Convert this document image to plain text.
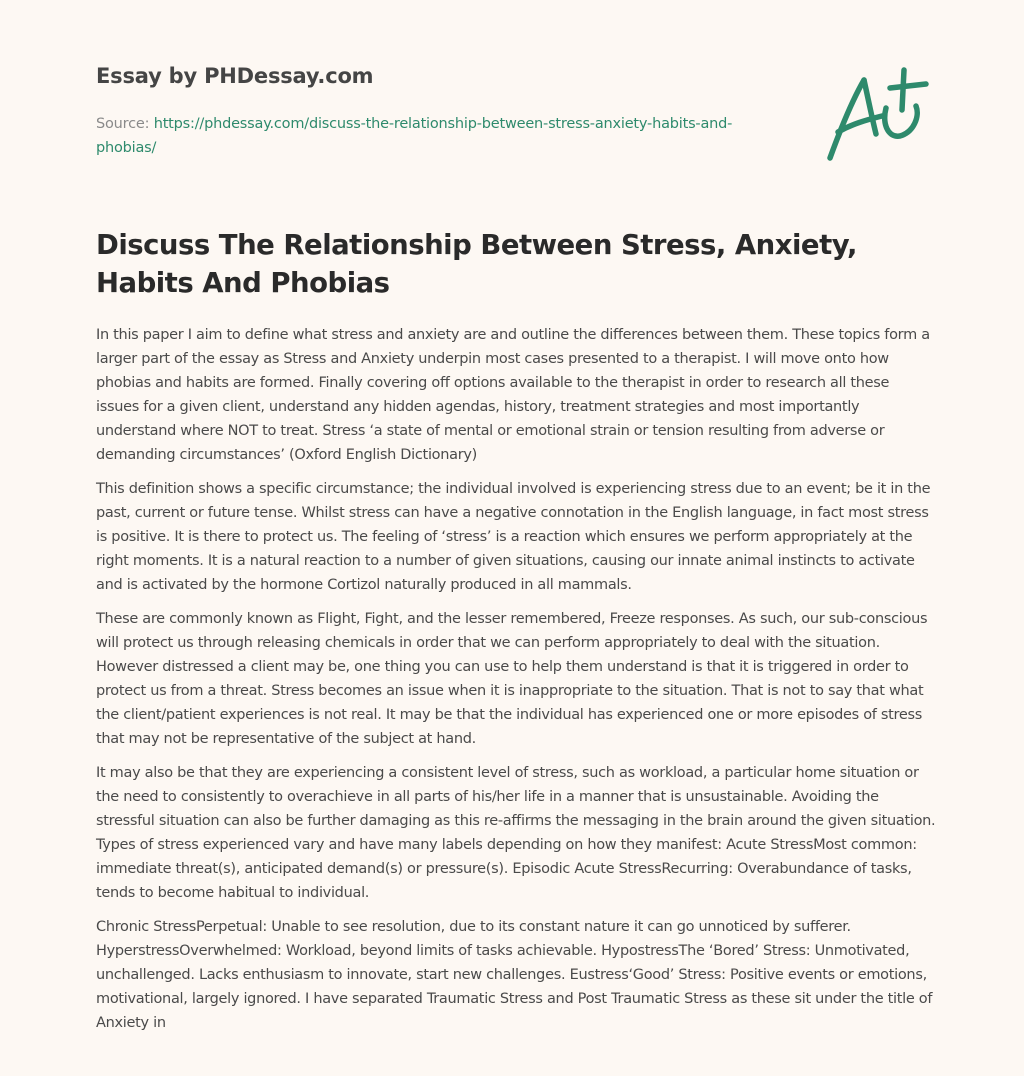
Essay by PHDessay.com
Source: https://phdessay.com/discuss-the-relationship-between-stress-anxiety-habits-and-phobias/
Discuss The Relationship Between Stress, Anxiety, Habits And Phobias

In this paper I aim to define what stress and anxiety are and outline the differences between them. These topics form a larger part of the essay as Stress and Anxiety underpin most cases presented to a therapist. I will move onto how phobias and habits are formed. Finally covering off options available to the therapist in order to research all these issues for a given client, understand any hidden agendas, history, treatment strategies and most importantly understand where NOT to treat. Stress ‘a state of mental or emotional strain or tension resulting from adverse or demanding circumstances’ (Oxford English Dictionary)

This definition shows a specific circumstance; the individual involved is experiencing stress due to an event; be it in the past, current or future tense. Whilst stress can have a negative connotation in the English language, in fact most stress is positive. It is there to protect us. The feeling of ‘stress’ is a reaction which ensures we perform appropriately at the right moments. It is a natural reaction to a number of given situations, causing our innate animal instincts to activate and is activated by the hormone Cortizol naturally produced in all mammals.

These are commonly known as Flight, Fight, and the lesser remembered, Freeze responses. As such, our sub-conscious will protect us through releasing chemicals in order that we can perform appropriately to deal with the situation. However distressed a client may be, one thing you can use to help them understand is that it is triggered in order to protect us from a threat. Stress becomes an issue when it is inappropriate to the situation. That is not to say that what the client/patient experiences is not real. It may be that the individual has experienced one or more episodes of stress that may not be representative of the subject at hand.

It may also be that they are experiencing a consistent level of stress, such as workload, a particular home situation or the need to consistently to overachieve in all parts of his/her life in a manner that is unsustainable. Avoiding the stressful situation can also be further damaging as this re-affirms the messaging in the brain around the given situation. Types of stress experienced vary and have many labels depending on how they manifest: Acute StressMost common: immediate threat(s), anticipated demand(s) or pressure(s). Episodic Acute StressRecurring: Overabundance of tasks, tends to become habitual to individual.

Chronic StressPerpetual: Unable to see resolution, due to its constant nature it can go unnoticed by sufferer. HyperstressOverwhelmed: Workload, beyond limits of tasks achievable. HypostressThe ‘Bored’ Stress: Unmotivated, unchallenged. Lacks enthusiasm to innovate, start new challenges. Eustress‘Good’ Stress: Positive events or emotions, motivational, largely ignored. I have separated Traumatic Stress and Post Traumatic Stress as these sit under the title of Anxiety in
